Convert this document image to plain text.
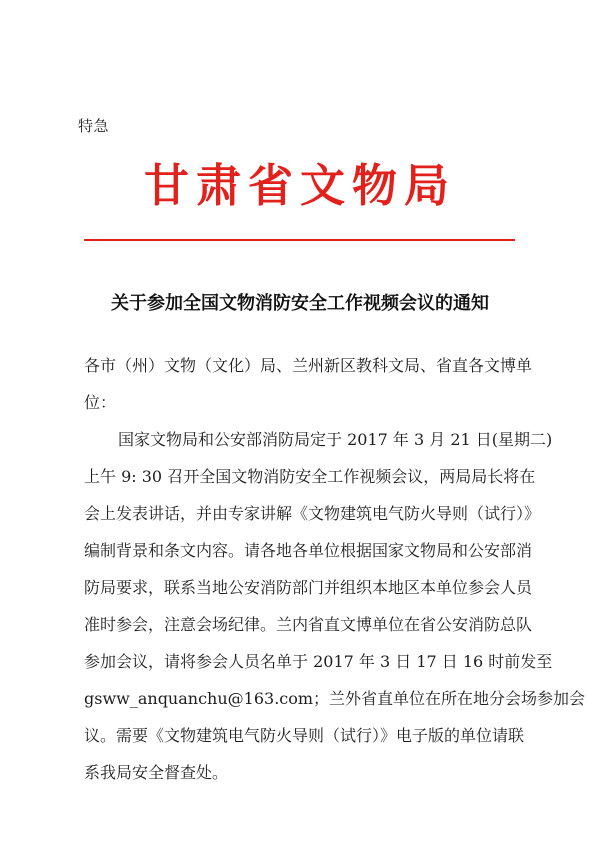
特急
甘肃省文物局
关于参加全国文物消防安全工作视频会议的通知
各市（州）文物（文化）局、兰州新区教科文局、省直各文博单
位：
国家文物局和公安部消防局定于 2017 年 3 月 21 日(星期二)
上午 9: 30 召开全国文物消防安全工作视频会议，两局局长将在
会上发表讲话，并由专家讲解《文物建筑电气防火导则（试行）》
编制背景和条文内容。请各地各单位根据国家文物局和公安部消
防局要求，联系当地公安消防部门并组织本地区本单位参会人员
准时参会，注意会场纪律。兰内省直文博单位在省公安消防总队
参加会议，请将参会人员名单于 2017 年 3 日 17 日 16 时前发至
gsww_anquanchu@163.com；兰外省直单位在所在地分会场参加会
议。需要《文物建筑电气防火导则（试行）》电子版的单位请联
系我局安全督查处。
